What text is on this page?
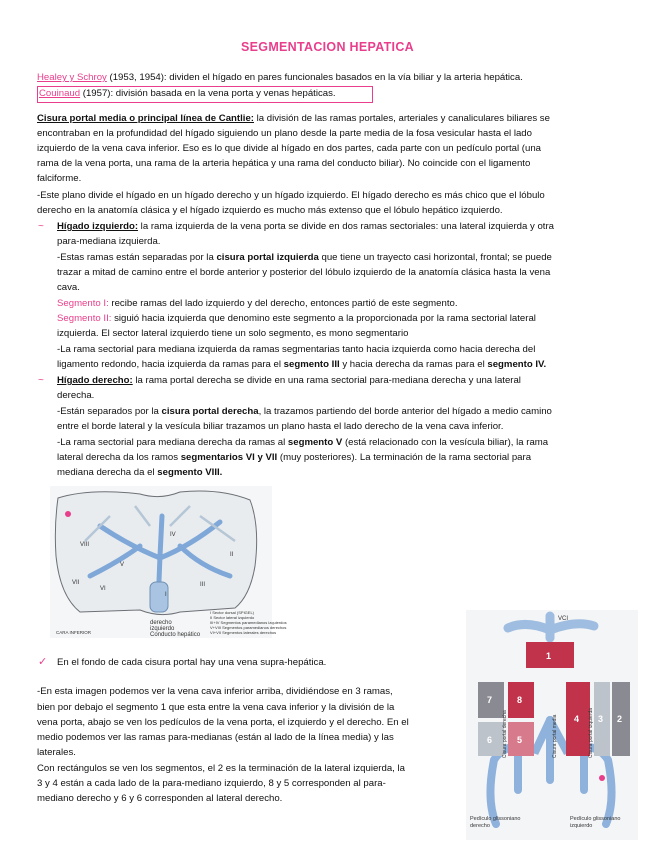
SEGMENTACION HEPATICA
Healey y Schroy (1953, 1954): dividen el hígado en pares funcionales basados en la vía biliar y la arteria hepática.
Couinaud (1957): división basada en la vena porta y venas hepáticas.
Cisura portal media o principal línea de Cantlie: la división de las ramas portales, arteriales y canaliculares biliares se
encontraban en la profundidad del hígado siguiendo un plano desde la parte media de la fosa vesicular hasta el lado
izquierdo de la vena cava inferior. Eso es lo que divide al hígado en dos partes, cada parte con un pedículo portal (una
rama de la vena porta, una rama de la arteria hepática y una rama del conducto biliar). No coincide con el ligamento
falciforme.
-Este plano divide el hígado en un hígado derecho y un hígado izquierdo. El hígado derecho es más chico que el lóbulo
derecho en la anatomía clásica y el hígado izquierdo es mucho más extenso que el lóbulo hepático izquierdo.
~ Hígado izquierdo: la rama izquierda de la vena porta se divide en dos ramas sectoriales: una lateral izquierda y otra
para-mediana izquierda.
-Estas ramas están separadas por la cisura portal izquierda que tiene un trayecto casi horizontal, frontal; se puede
trazar a mitad de camino entre el borde anterior y posterior del lóbulo izquierdo de la anatomía clásica hasta la vena
cava.
Segmento I: recibe ramas del lado izquierdo y del derecho, entonces partió de este segmento.
Segmento II: siguió hacia izquierda que denomino este segmento a la proporcionada por la rama sectorial lateral
izquierda. El sector lateral izquierdo tiene un solo segmento, es mono segmentario
-La rama sectorial para mediana izquierda da ramas segmentarias tanto hacia izquierda como hacia derecha del
ligamento redondo, hacia izquierda da ramas para el segmento III y hacia derecha da ramas para el segmento IV.
~ Hígado derecho: la rama portal derecha se divide en una rama sectorial para-mediana derecha y una lateral
derecha.
-Están separados por la cisura portal derecha, la trazamos partiendo del borde anterior del hígado a medio camino
entre el borde lateral y la vesícula biliar trazamos un plano hasta el lado derecho de la vena cava inferior.
-La rama sectorial para mediana derecha da ramas al segmento V (está relacionado con la vesícula biliar), la rama
lateral derecha da los ramos segmentarios VI y VII (muy posteriores). La terminación de la rama sectorial para
mediana derecha da el segmento VIII.
VIII
VII
IV
II
III
VI
V
I
derecho
izquierdo
Conducto hepático
CARA INFERIOR
I Sector dorsal (SPIGEL)
II Sector lateral izquierdo
III+IV Segmentos paramedianos izquierdos
V+VIII Segmentos paramedianos derechos
VI+VII Segmentos laterales derechos
VCI
1
7
6
8
5
4 3 2
Cisura portal derecha	Cisura portal media	Cisura portal izquierda
Pedículo glissoniano derecho
Pedículo glissoniano izquierdo
✓ En el fondo de cada cisura portal hay una vena supra-hepática.
-En esta imagen podemos ver la vena cava inferior arriba, dividiéndose en 3 ramas,
bien por debajo el segmento 1 que esta entre la vena cava inferior y la división de la
vena porta, abajo se ven los pedículos de la vena porta, el izquierdo y el derecho. En el
medio podemos ver las ramas para-medianas (están al lado de la línea media) y las
laterales.
Con rectángulos se ven los segmentos, el 2 es la terminación de la lateral izquierda, la
3 y 4 están a cada lado de la para-mediano izquierdo, 8 y 5 corresponden al para-
mediano derecho y 6 y 6 corresponden al lateral derecho.
